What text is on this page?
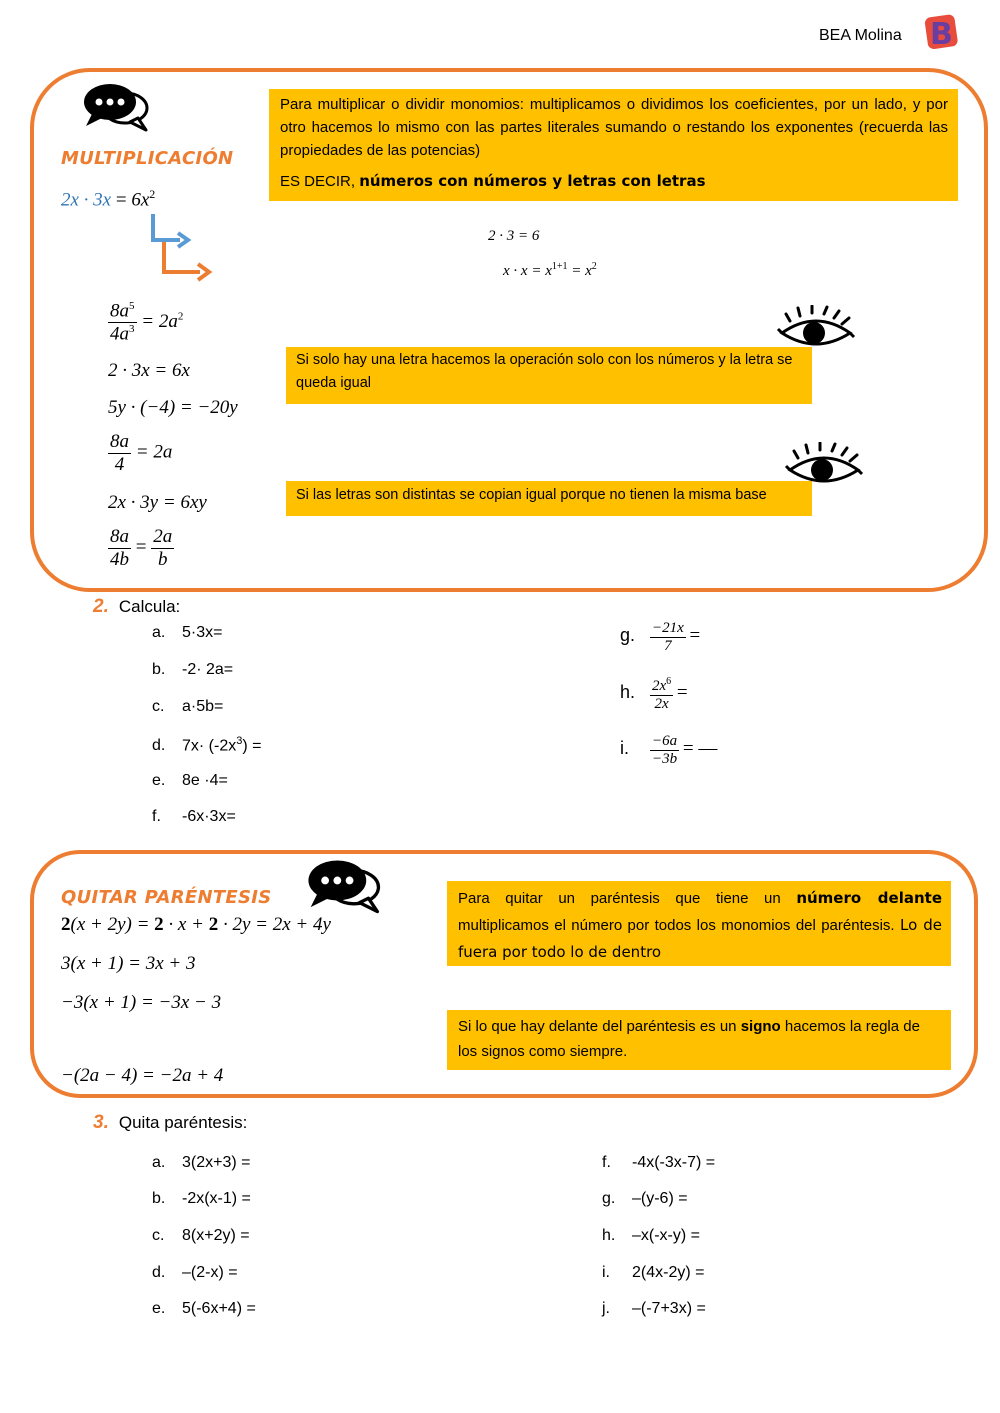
BEA Molina B
MULTIPLICACIÓN
$2x \cdot 3x = 6x^2$
Para multiplicar o dividir monomios: multiplicamos o dividimos los coeficientes, por un lado, y por otro hacemos lo mismo con las partes literales sumando o restando los exponentes (recuerda las propiedades de las potencias)
ES DECIR, números con números y letras con letras
2 · 3 = 6
$x \cdot x = x^{1+1} = x^2$
$\frac{8a^5}{4a^3} = 2a^2$
2 · 3x = 6x
5y · (−4) = −20y
$\frac{8a}{4} = 2a$
2x · 3y = 6xy
$\frac{8a}{4b} = \frac{2a}{b}$
Si solo hay una letra hacemos la operación solo con los números y la letra se queda igual
Si las letras son distintas se copian igual porque no tienen la misma base
2. Calcula:
a. 5·3x=
b. -2· 2a=
c. a·5b=
d. $7x\cdot (-2x^3)$ =
e. 8e ·4=
f. -6x·3x=
g. $\frac{-21x}{7}$ =
h. $\frac{2x^6}{2x}$ =
i. $\frac{-6a}{-3b}$ = —
QUITAR PARÉNTESIS
2(x + 2y) = 2 · x + 2 · 2y = 2x + 4y
3(x + 1) = 3x + 3
−3(x + 1) = −3x − 3
−(2a − 4) = −2a + 4
Para quitar un paréntesis que tiene un número delante multiplicamos el número por todos los monomios del paréntesis. Lo de fuera por todo lo de dentro
Si lo que hay delante del paréntesis es un signo hacemos la regla de los signos como siempre.
3. Quita paréntesis:
a. 3(2x+3) =
b. -2x(x-1) =
c. 8(x+2y) =
d. –(2-x) =
e. 5(-6x+4) =
f. -4x(-3x-7) =
g. –(y-6) =
h. –x(-x-y) =
i. 2(4x-2y) =
j. –(-7+3x) =
